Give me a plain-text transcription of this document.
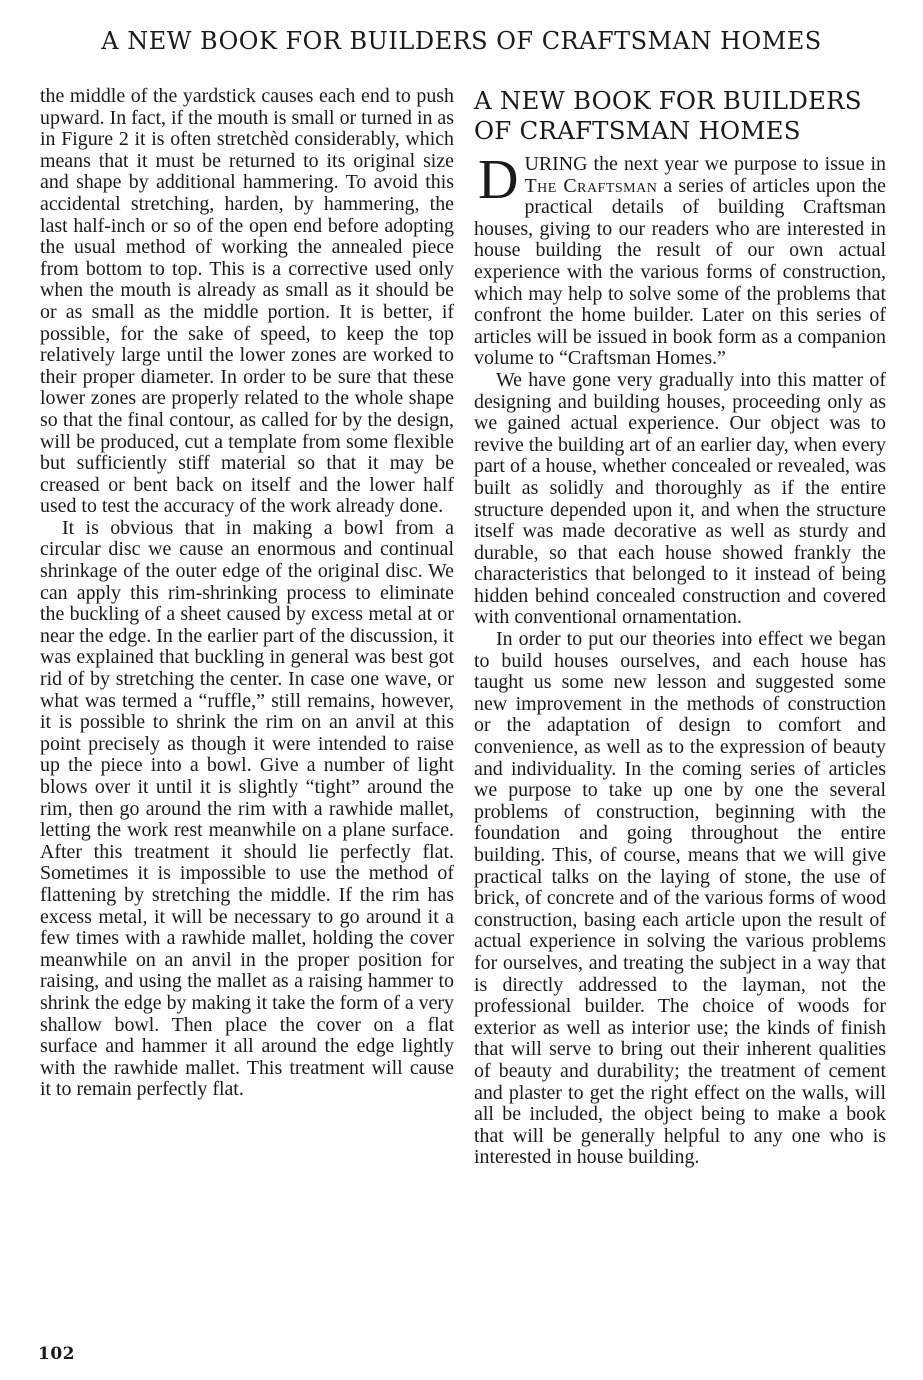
A NEW BOOK FOR BUILDERS OF CRAFTSMAN HOMES

the middle of the yardstick causes each end to push upward. In fact, if the mouth is small or turned in as in Figure 2 it is often stretchèd considerably, which means that it must be returned to its original size and shape by additional hammering. To avoid this accidental stretching, harden, by hammering, the last half-inch or so of the open end before adopting the usual method of working the annealed piece from bottom to top. This is a corrective used only when the mouth is already as small as it should be or as small as the middle portion. It is better, if possible, for the sake of speed, to keep the top relatively large until the lower zones are worked to their proper diameter. In order to be sure that these lower zones are properly related to the whole shape so that the final contour, as called for by the design, will be produced, cut a template from some flexible but sufficiently stiff material so that it may be creased or bent back on itself and the lower half used to test the accuracy of the work already done.

It is obvious that in making a bowl from a circular disc we cause an enormous and continual shrinkage of the outer edge of the original disc. We can apply this rim-shrinking process to eliminate the buckling of a sheet caused by excess metal at or near the edge. In the earlier part of the discussion, it was explained that buckling in general was best got rid of by stretching the center. In case one wave, or what was termed a “ruffle,” still remains, however, it is possible to shrink the rim on an anvil at this point precisely as though it were intended to raise up the piece into a bowl. Give a number of light blows over it until it is slightly “tight” around the rim, then go around the rim with a rawhide mallet, letting the work rest meanwhile on a plane surface. After this treatment it should lie perfectly flat. Sometimes it is impossible to use the method of flattening by stretching the middle. If the rim has excess metal, it will be necessary to go around it a few times with a rawhide mallet, holding the cover meanwhile on an anvil in the proper position for raising, and using the mallet as a raising hammer to shrink the edge by making it take the form of a very shallow bowl. Then place the cover on a flat surface and hammer it all around the edge lightly with the rawhide mallet. This treatment will cause it to remain perfectly flat.

A NEW BOOK FOR BUILDERS OF CRAFTSMAN HOMES

DURING the next year we purpose to issue in The Craftsman a series of articles upon the practical details of building Craftsman houses, giving to our readers who are interested in house building the result of our own actual experience with the various forms of construction, which may help to solve some of the problems that confront the home builder. Later on this series of articles will be issued in book form as a companion volume to “Craftsman Homes.”

We have gone very gradually into this matter of designing and building houses, proceeding only as we gained actual experience. Our object was to revive the building art of an earlier day, when every part of a house, whether concealed or revealed, was built as solidly and thoroughly as if the entire structure depended upon it, and when the structure itself was made decorative as well as sturdy and durable, so that each house showed frankly the characteristics that belonged to it instead of being hidden behind concealed construction and covered with conventional ornamentation.

In order to put our theories into effect we began to build houses ourselves, and each house has taught us some new lesson and suggested some new improvement in the methods of construction or the adaptation of design to comfort and convenience, as well as to the expression of beauty and individuality. In the coming series of articles we purpose to take up one by one the several problems of construction, beginning with the foundation and going throughout the entire building. This, of course, means that we will give practical talks on the laying of stone, the use of brick, of concrete and of the various forms of wood construction, basing each article upon the result of actual experience in solving the various problems for ourselves, and treating the subject in a way that is directly addressed to the layman, not the professional builder. The choice of woods for exterior as well as interior use; the kinds of finish that will serve to bring out their inherent qualities of beauty and durability; the treatment of cement and plaster to get the right effect on the walls, will all be included, the object being to make a book that will be generally helpful to any one who is interested in house building.

102
